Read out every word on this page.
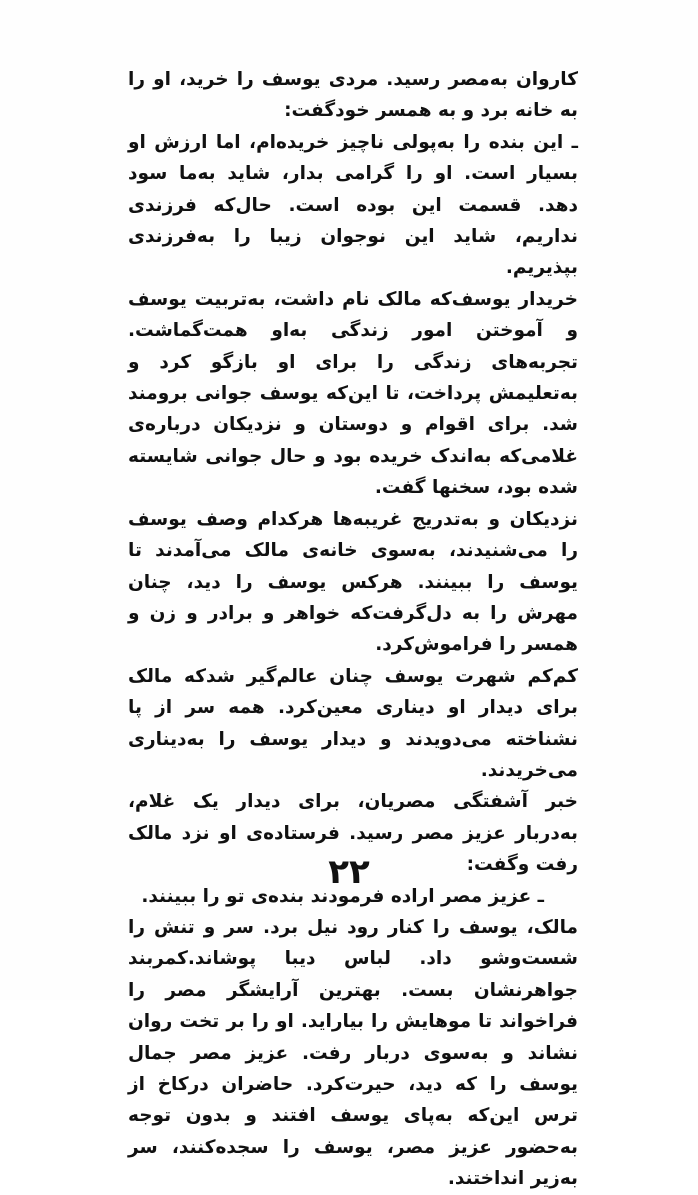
کاروان به‌مصر رسید. مردی یوسف را خرید، او را به خانه برد و به همسر خودگفت:

ـ این بنده را به‌پولی ناچیز خریده‌ام، اما ارزش او بسیار است. او را گرامی بدار، شاید به‌ما سود دهد. قسمت این بوده است. حال‌که فرزندی نداریم، شاید این نوجوان زیبا را به‌فرزندی بپذیریم.

خریدار یوسف‌که مالک نام داشت، به‌تربیت یوسف و آموختن امور زندگی به‌او همت‌گماشت. تجربه‌های زندگی را برای او بازگو کرد و به‌تعلیمش پرداخت، تا این‌که یوسف جوانی برومند شد. برای اقوام و دوستان و نزدیکان درباره‌ی غلامی‌که به‌اندک خریده بود و حال جوانی شایسته شده بود، سخنها گفت.

نزدیکان و به‌تدریج غریبه‌ها هرکدام وصف یوسف را می‌شنیدند، به‌سوی خانه‌ی مالک می‌آمدند تا یوسف را ببینند. هرکس یوسف را دید، چنان مهرش را به دل‌گرفت‌که خواهر و برادر و زن و همسر را فراموش‌کرد.

کم‌کم شهرت یوسف چنان عالم‌گیر شد‌که مالک برای دیدار او دیناری معین‌کرد. همه سر از پا نشناخته می‌دویدند و دیدار یوسف را به‌دیناری می‌خریدند.

خبر آشفتگی مصریان، برای دیدار یک غلام، به‌دربار عزیز مصر رسید. فرستاده‌ی او نزد مالک رفت و‌گفت:

ـ عزیز مصر اراده فرمودند بنده‌ی تو را ببینند.

مالک، یوسف را کنار رود نیل برد. سر و تنش را شست‌وشو داد. لباس دیبا پوشاند.کمربند جواهرنشان بست. بهترین آرایشگر مصر را فراخواند تا موهایش را بیاراید. او را بر تخت روان نشاند و به‌سوی دربار رفت. عزیز مصر جمال یوسف را که دید، حیرت‌کرد. حاضران درکاخ از ترس این‌که به‌پای یوسف افتند و بدون توجه به‌حضور عزیز مصر، یوسف را سجده‌کنند، سر به‌زیر انداختند.

۲۲
